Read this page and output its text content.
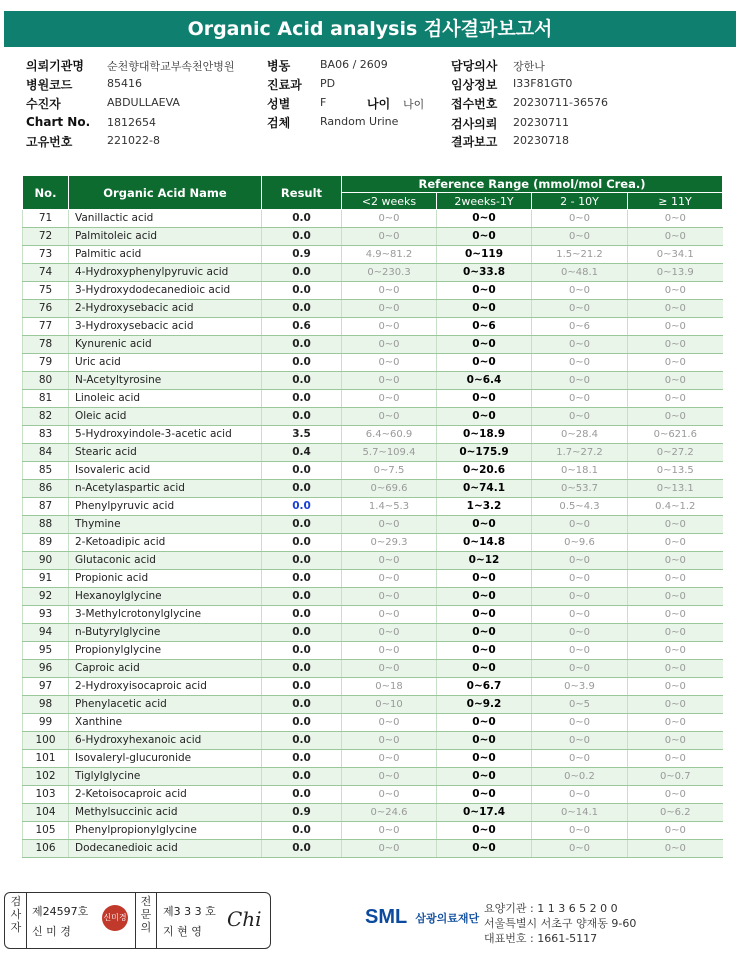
Organic Acid analysis 검사결과보고서
의뢰기관명 순천향대학교부속천안병원
병원코드	85416
수진자	ABDULLAEVA
Chart No. 1812654
고유번호	221022-8
병동	BA06 / 2609
진료과 PD
성별	F	나이 나이
검체	Random Urine
담당의사 장한나
임상정보 I33F81GT0
접수번호 20230711-36576
검사의뢰 20230711
결과보고 20230718
No.	Organic Acid Name	Result	Reference Range (mmol/mol Crea.)			
			<2 weeks	2weeks-1Y	2 - 10Y	≥ 11Y
71	Vanillactic acid	0.0	0~0	0~0	0~0	0~0
72	Palmitoleic acid	0.0	0~0	0~0	0~0	0~0
73	Palmitic acid	0.9	4.9~81.2	0~119	1.5~21.2	0~34.1
74	4-Hydroxyphenylpyruvic acid	0.0	0~230.3	0~33.8	0~48.1	0~13.9
75	3-Hydroxydodecanedioic acid	0.0	0~0	0~0	0~0	0~0
76	2-Hydroxysebacic acid	0.0	0~0	0~0	0~0	0~0
77	3-Hydroxysebacic acid	0.6	0~0	0~6	0~6	0~0
78	Kynurenic acid	0.0	0~0	0~0	0~0	0~0
79	Uric acid	0.0	0~0	0~0	0~0	0~0
80	N-Acetyltyrosine	0.0	0~0	0~6.4	0~0	0~0
81	Linoleic acid	0.0	0~0	0~0	0~0	0~0
82	Oleic acid	0.0	0~0	0~0	0~0	0~0
83	5-Hydroxyindole-3-acetic acid	3.5	6.4~60.9	0~18.9	0~28.4	0~621.6
84	Stearic acid	0.4	5.7~109.4	0~175.9	1.7~27.2	0~27.2
85	Isovaleric acid	0.0	0~7.5	0~20.6	0~18.1	0~13.5
86	n-Acetylaspartic acid	0.0	0~69.6	0~74.1	0~53.7	0~13.1
87	Phenylpyruvic acid	0.0	1.4~5.3	1~3.2	0.5~4.3	0.4~1.2
88	Thymine	0.0	0~0	0~0	0~0	0~0
89	2-Ketoadipic acid	0.0	0~29.3	0~14.8	0~9.6	0~0
90	Glutaconic acid	0.0	0~0	0~12	0~0	0~0
91	Propionic acid	0.0	0~0	0~0	0~0	0~0
92	Hexanoylglycine	0.0	0~0	0~0	0~0	0~0
93	3-Methylcrotonylglycine	0.0	0~0	0~0	0~0	0~0
94	n-Butyrylglycine	0.0	0~0	0~0	0~0	0~0
95	Propionylglycine	0.0	0~0	0~0	0~0	0~0
96	Caproic acid	0.0	0~0	0~0	0~0	0~0
97	2-Hydroxyisocaproic acid	0.0	0~18	0~6.7	0~3.9	0~0
98	Phenylacetic acid	0.0	0~10	0~9.2	0~5	0~0
99	Xanthine	0.0	0~0	0~0	0~0	0~0
100	6-Hydroxyhexanoic acid	0.0	0~0	0~0	0~0	0~0
101	Isovaleryl-glucuronide	0.0	0~0	0~0	0~0	0~0
102	Tiglylglycine	0.0	0~0	0~0	0~0.2	0~0.7
103	2-Ketoisocaproic acid	0.0	0~0	0~0	0~0	0~0
104	Methylsuccinic acid	0.9	0~24.6	0~17.4	0~14.1	0~6.2
105	Phenylpropionylglycine	0.0	0~0	0~0	0~0	0~0
106	Dodecanedioic acid	0.0	0~0	0~0	0~0	0~0
검
사
자
제24597호
신 미 경
신미경
전
문
의
제3 3 3 호
지 현 영
Chi	SML 삼광의료재단
요양기관 : 1 1 3 6 5 2 0 0
서울특별시 서초구 양재동 9-60
대표번호 : 1661-5117
